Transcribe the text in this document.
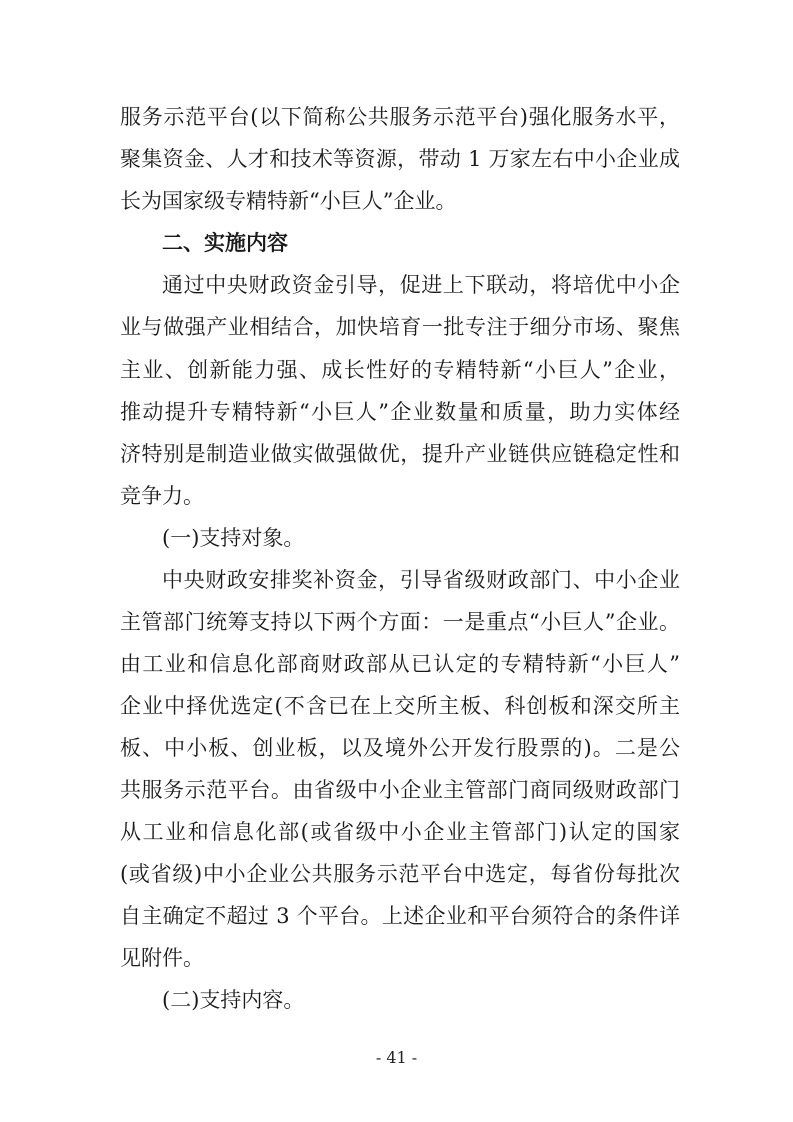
服务示范平台(以下简称公共服务示范平台)强化服务水平，
聚集资金、人才和技术等资源，带动 1 万家左右中小企业成
长为国家级专精特新“小巨人”企业。
二、实施内容
通过中央财政资金引导，促进上下联动，将培优中小企
业与做强产业相结合，加快培育一批专注于细分市场、聚焦
主业、创新能力强、成长性好的专精特新“小巨人”企业，
推动提升专精特新“小巨人”企业数量和质量，助力实体经
济特别是制造业做实做强做优，提升产业链供应链稳定性和
竞争力。
(一)支持对象。
中央财政安排奖补资金，引导省级财政部门、中小企业
主管部门统筹支持以下两个方面：一是重点“小巨人”企业。
由工业和信息化部商财政部从已认定的专精特新“小巨人”
企业中择优选定(不含已在上交所主板、科创板和深交所主
板、中小板、创业板，以及境外公开发行股票的)。二是公
共服务示范平台。由省级中小企业主管部门商同级财政部门
从工业和信息化部(或省级中小企业主管部门)认定的国家
(或省级)中小企业公共服务示范平台中选定，每省份每批次
自主确定不超过 3 个平台。上述企业和平台须符合的条件详
见附件。
(二)支持内容。
- 41 -
